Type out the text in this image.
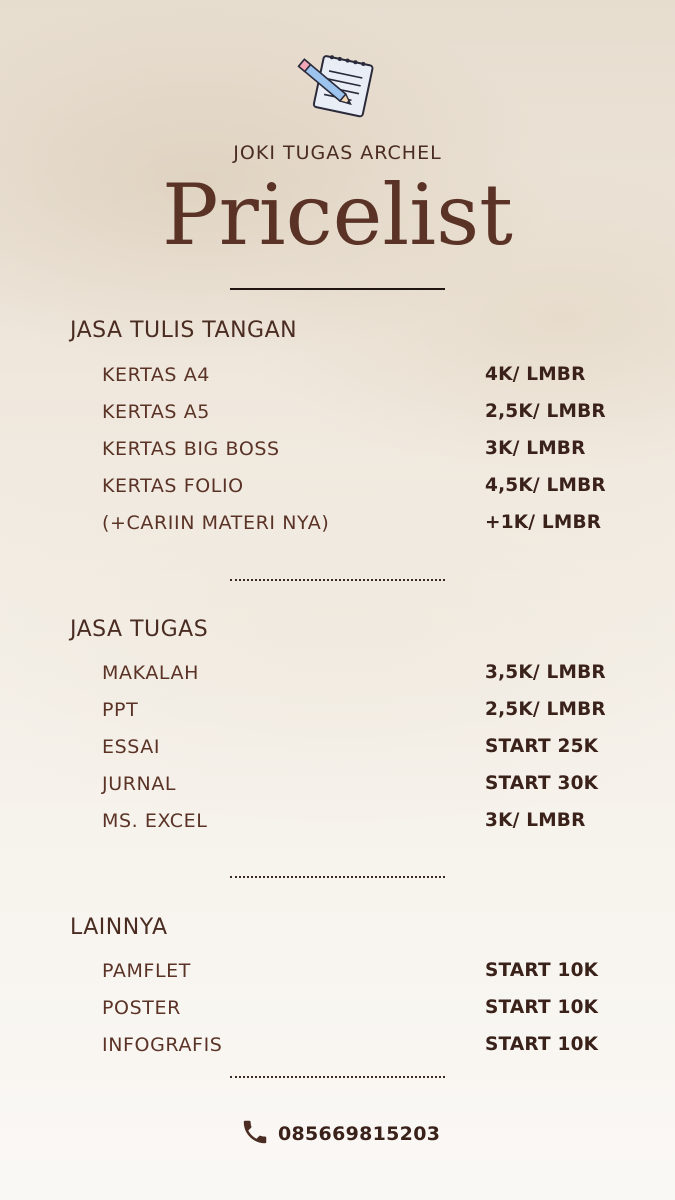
JOKI TUGAS ARCHEL
Pricelist
JASA TULIS TANGAN
KERTAS A4	4K/ LMBR
KERTAS A5	2,5K/ LMBR
KERTAS BIG BOSS	3K/ LMBR
KERTAS FOLIO	4,5K/ LMBR
(+CARIIN MATERI NYA)	+1K/ LMBR
JASA TUGAS
MAKALAH	3,5K/ LMBR
PPT	2,5K/ LMBR
ESSAI	START 25K
JURNAL	START 30K
MS. EXCEL	3K/ LMBR
LAINNYA
PAMFLET	START 10K
POSTER	START 10K
INFOGRAFIS	START 10K
085669815203
